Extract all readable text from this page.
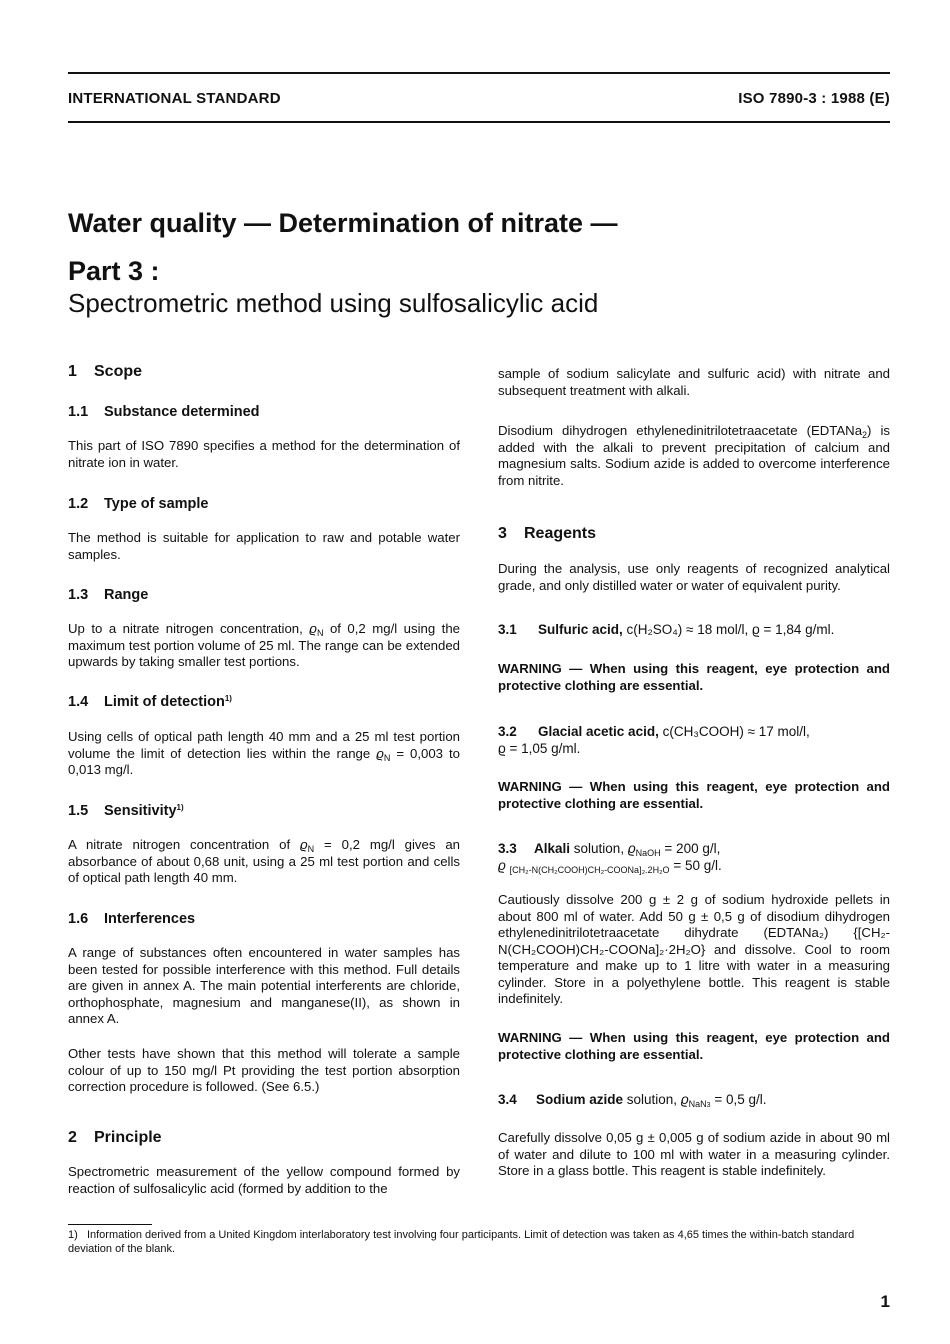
INTERNATIONAL STANDARD	ISO 7890-3 : 1988 (E)
Water quality — Determination of nitrate —
Part 3 :
Spectrometric method using sulfosalicylic acid
1 Scope
1.1 Substance determined

This part of ISO 7890 specifies a method for the determination of nitrate ion in water.

1.2 Type of sample

The method is suitable for application to raw and potable water samples.

1.3 Range

Up to a nitrate nitrogen concentration, $ϱ_N$ of 0,2 mg/l using the maximum test portion volume of 25 ml. The range can be extended upwards by taking smaller test portions.

1.4 Limit of detection$^{1)}$

Using cells of optical path length 40 mm and a 25 ml test portion volume the limit of detection lies within the range $ϱ_N = 0,003$ to 0,013 mg/l.

1.5 Sensitivity$^{1)}$

A nitrate nitrogen concentration of $ϱ_N = 0,2$ mg/l gives an absorbance of about 0,68 unit, using a 25 ml test portion and cells of optical path length 40 mm.

1.6 Interferences

A range of substances often encountered in water samples has been tested for possible interference with this method. Full details are given in annex A. The main potential interferents are chloride, orthophosphate, magnesium and manganese(II), as shown in annex A.

Other tests have shown that this method will tolerate a sample colour of up to 150 mg/l Pt providing the test portion absorption correction procedure is followed. (See 6.5.)

2 Principle

Spectrometric measurement of the yellow compound formed by reaction of sulfosalicylic acid (formed by addition to the

sample of sodium salicylate and sulfuric acid) with nitrate and subsequent treatment with alkali.

Disodium dihydrogen ethylenedinitrilotetraacetate (EDTANa$_2$) is added with the alkali to prevent precipitation of calcium and magnesium salts. Sodium azide is added to overcome interference from nitrite.

3 Reagents

During the analysis, use only reagents of recognized analytical grade, and only distilled water or water of equivalent purity.

3.1 Sulfuric acid, c(H₂SO₄) ≈ 18 mol/l, ϱ = 1,84 g/ml.

WARNING — When using this reagent, eye protection and protective clothing are essential.

3.2 Glacial acetic acid, c(CH₃COOH) ≈ 17 mol/l,
ϱ = 1,05 g/ml.

WARNING — When using this reagent, eye protection and protective clothing are essential.

3.3 Alkali solution, $ϱ_{NaOH} = 200$ g/l,
ϱ $_{[CH_2-N(CH_2COOH)CH_2-COONa]_2.2H_2O}$ = 50 g/l.

Cautiously dissolve 200 g ± 2 g of sodium hydroxide pellets in about 800 ml of water. Add 50 g ± 0,5 g of disodium dihydrogen ethylenedinitrilotetraacetate dihydrate (EDTANa₂) {[CH₂-N(CH₂COOH)CH₂-COONa]₂·2H₂O} and dissolve. Cool to room temperature and make up to 1 litre with water in a measuring cylinder. Store in a polyethylene bottle. This reagent is stable indefinitely.

WARNING — When using this reagent, eye protection and protective clothing are essential.

3.4 Sodium azide solution, $ϱ_{NaN3} = 0,5$ g/l.

Carefully dissolve 0,05 g ± 0,005 g of sodium azide in about 90 ml of water and dilute to 100 ml with water in a measuring cylinder. Store in a glass bottle. This reagent is stable indefinitely.

1) Information derived from a United Kingdom interlaboratory test involving four participants. Limit of detection was taken as 4,65 times the within-batch standard deviation of the blank.
1
